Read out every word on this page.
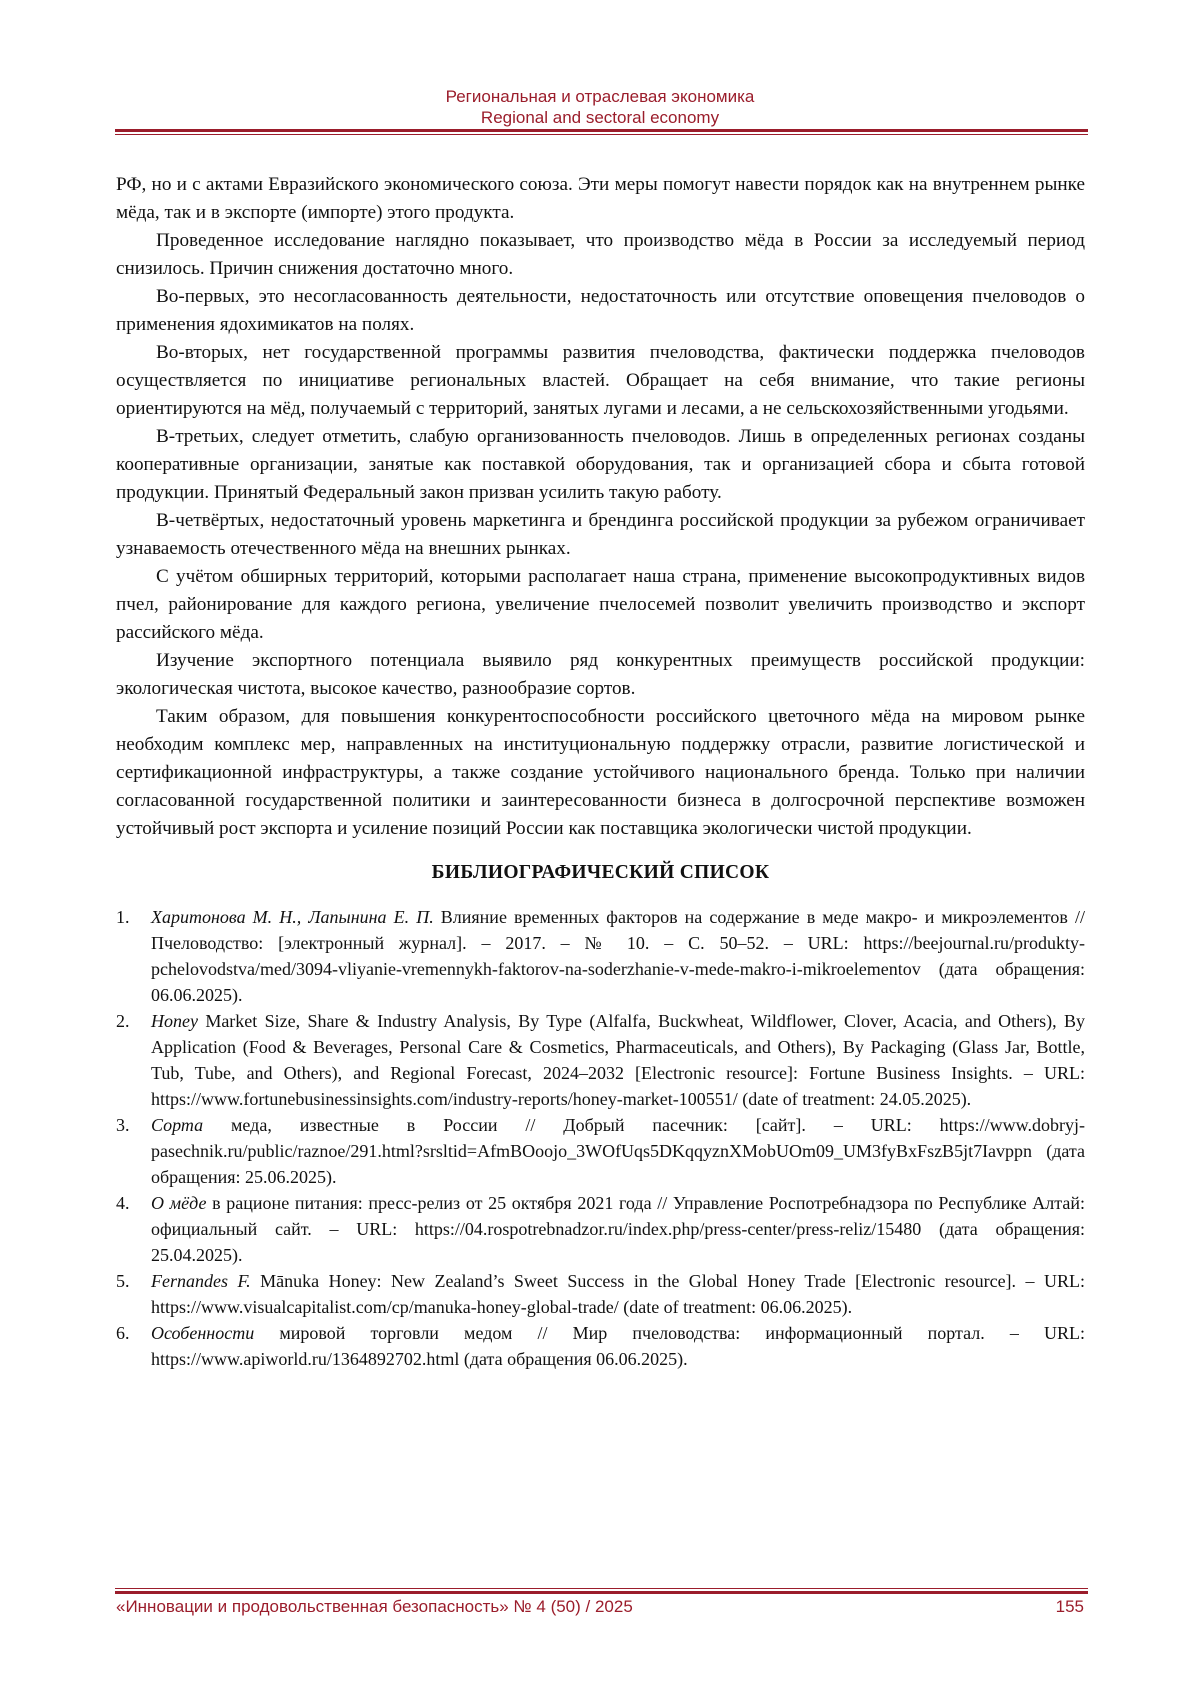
Региональная и отраслевая экономика
Regional and sectoral economy

РФ, но и с актами Евразийского экономического союза. Эти меры помогут навести порядок как на внутреннем рынке мёда, так и в экспорте (импорте) этого продукта.

Проведенное исследование наглядно показывает, что производство мёда в России за исследуемый период снизилось. Причин снижения достаточно много.

Во-первых, это несогласованность деятельности, недостаточность или отсутствие оповещения пчеловодов о применения ядохимикатов на полях.

Во-вторых, нет государственной программы развития пчеловодства, фактически поддержка пчеловодов осуществляется по инициативе региональных властей. Обращает на себя внимание, что такие регионы ориентируются на мёд, получаемый с территорий, занятых лугами и лесами, а не сельскохозяйственными угодьями.

В-третьих, следует отметить, слабую организованность пчеловодов. Лишь в определенных регионах созданы кооперативные организации, занятые как поставкой оборудования, так и организацией сбора и сбыта готовой продукции. Принятый Федеральный закон призван усилить такую работу.

В-четвёртых, недостаточный уровень маркетинга и брендинга российской продукции за рубежом ограничивает узнаваемость отечественного мёда на внешних рынках.

С учётом обширных территорий, которыми располагает наша страна, применение высокопродуктивных видов пчел, районирование для каждого региона, увеличение пчелосемей позволит увеличить производство и экспорт рассийского мёда.

Изучение экспортного потенциала выявило ряд конкурентных преимуществ российской продукции: экологическая чистота, высокое качество, разнообразие сортов.

Таким образом, для повышения конкурентоспособности российского цветочного мёда на мировом рынке необходим комплекс мер, направленных на институциональную поддержку отрасли, развитие логистической и сертификационной инфраструктуры, а также создание устойчивого национального бренда. Только при наличии согласованной государственной политики и заинтересованности бизнеса в долгосрочной перспективе возможен устойчивый рост экспорта и усиление позиций России как поставщика экологически чистой продукции.

БИБЛИОГРАФИЧЕСКИЙ СПИСОК
1. Харитонова М. Н., Лапынина Е. П. Влияние временных факторов на содержание в меде макро- и микроэлементов // Пчеловодство: [электронный журнал]. – 2017. – № 10. – С. 50–52. – URL: https://beejournal.ru/produkty-pchelovodstva/med/3094-vliyanie-vremennykh-faktorov-na-soderzhanie-v-mede-makro-i-mikroelementov (дата обращения: 06.06.2025).
2. Honey Market Size, Share & Industry Analysis, By Type (Alfalfa, Buckwheat, Wildflower, Clover, Acacia, and Others), By Application (Food & Beverages, Personal Care & Cosmetics, Pharmaceuticals, and Others), By Packaging (Glass Jar, Bottle, Tub, Tube, and Others), and Regional Forecast, 2024–2032 [Electronic resource]: Fortune Business Insights. – URL: https://www.fortunebusinessinsights.com/industry-reports/honey-market-100551/ (date of treatment: 24.05.2025).
3. Сорта меда, известные в России // Добрый пасечник: [сайт]. – URL: https://www.dobryj-pasechnik.ru/public/raznoe/291.html?srsltid=AfmBOoojo_3WOfUqs5DKqqyznXMobUOm09_UM3fyBxFszB5jt7Iavppn (дата обращения: 25.06.2025).
4. О мёде в рационе питания: пресс-релиз от 25 октября 2021 года // Управление Роспотребнадзора по Республике Алтай: официальный сайт. – URL: https://04.rospotrebnadzor.ru/index.php/press-center/press-reliz/15480 (дата обращения: 25.04.2025).
5. Fernandes F. Mānuka Honey: New Zealand’s Sweet Success in the Global Honey Trade [Electronic resource]. – URL: https://www.visualcapitalist.com/cp/manuka-honey-global-trade/ (date of treatment: 06.06.2025).
6. Особенности мировой торговли медом // Мир пчеловодства: информационный портал. – URL: https://www.apiworld.ru/1364892702.html (дата обращения 06.06.2025).
«Инновации и продовольственная безопасность» № 4 (50) / 2025	155
